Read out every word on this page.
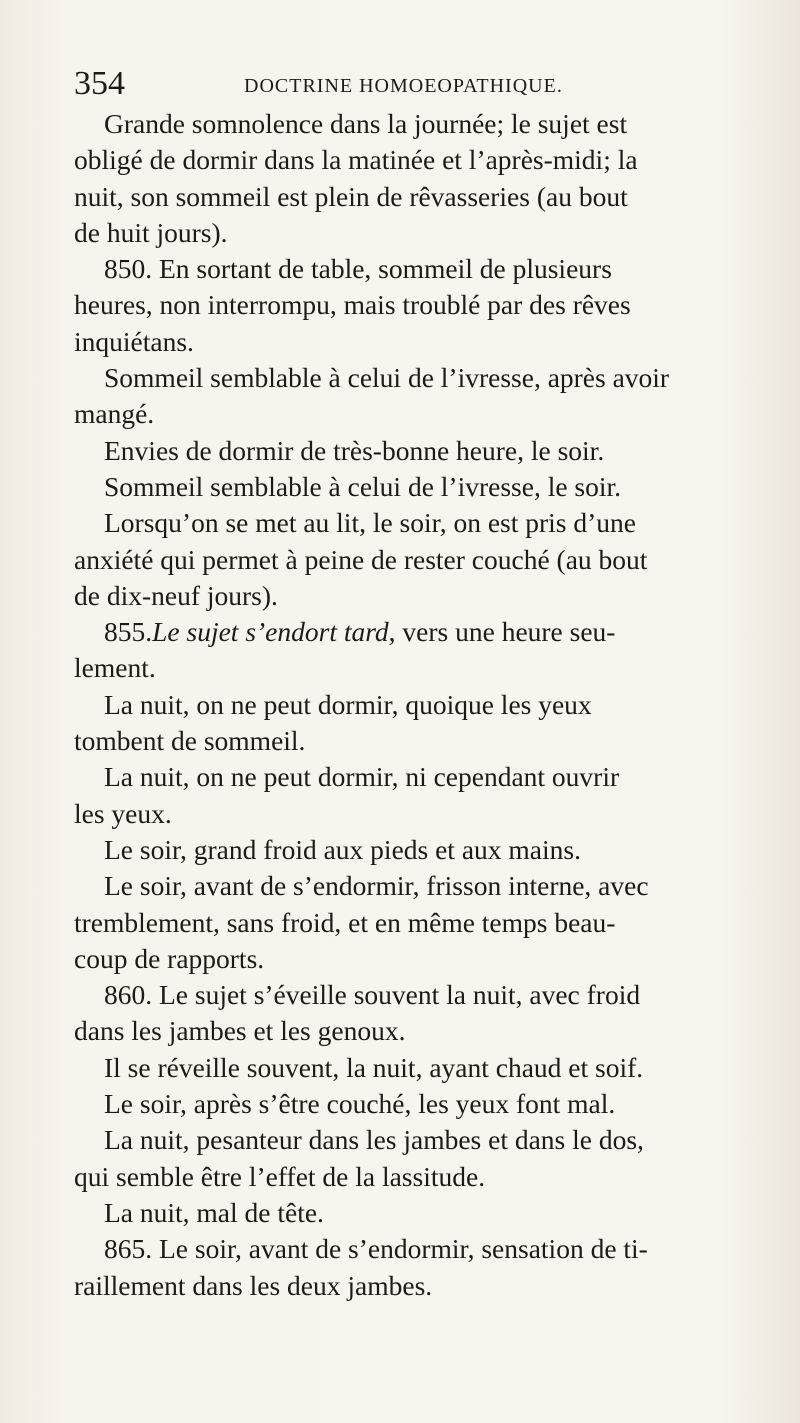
354	DOCTRINE HOMOEOPATHIQUE.
Grande somnolence dans la journée; le sujet est
obligé de dormir dans la matinée et l’après-midi; la
nuit, son sommeil est plein de rêvasseries (au bout
de huit jours).
850. En sortant de table, sommeil de plusieurs
heures, non interrompu, mais troublé par des rêves
inquiétans.
Sommeil semblable à celui de l’ivresse, après avoir
mangé.
Envies de dormir de très-bonne heure, le soir.
Sommeil semblable à celui de l’ivresse, le soir.
Lorsqu’on se met au lit, le soir, on est pris d’une
anxiété qui permet à peine de rester couché (au bout
de dix-neuf jours).
855. Le sujet s’endort tard , vers une heure seu-
lement.
La nuit, on ne peut dormir, quoique les yeux
tombent de sommeil.
La nuit, on ne peut dormir, ni cependant ouvrir
les yeux.
Le soir, grand froid aux pieds et aux mains.
Le soir, avant de s’endormir, frisson interne, avec
tremblement, sans froid, et en même temps beau-
coup de rapports.
860. Le sujet s’éveille souvent la nuit, avec froid
dans les jambes et les genoux.
Il se réveille souvent, la nuit, ayant chaud et soif.
Le soir, après s’être couché, les yeux font mal.
La nuit, pesanteur dans les jambes et dans le dos,
qui semble être l’effet de la lassitude.
La nuit, mal de tête.
865. Le soir, avant de s’endormir, sensation de ti-
raillement dans les deux jambes.
